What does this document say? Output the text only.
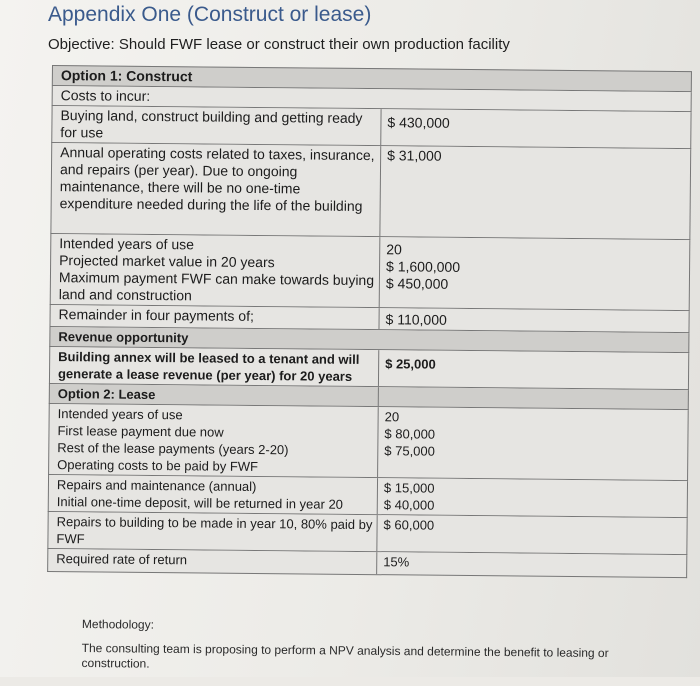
Appendix One (Construct or lease)
Objective: Should FWF lease or construct their own production facility
Option 1: Construct
Costs to incur:
Buying land, construct building and getting ready for use
$ 430,000
Annual operating costs related to taxes, insurance, and repairs (per year). Due to ongoing maintenance, there will be no one-time expenditure needed during the life of the building
$ 31,000
Intended years of use
Projected market value in 20 years
Maximum payment FWF can make towards buying land and construction
20
$ 1,600,000
$ 450,000
Remainder in four payments of;	$ 110,000
Revenue opportunity
Building annex will be leased to a tenant and will generate a lease revenue (per year) for 20 years
$ 25,000
Option 2: Lease
Intended years of use
First lease payment due now
Rest of the lease payments (years 2-20)
Operating costs to be paid by FWF
20
$ 80,000
$ 75,000
Repairs and maintenance (annual)
Initial one-time deposit, will be returned in year 20
$ 15,000
$ 40,000
Repairs to building to be made in year 10, 80% paid by FWF
$ 60,000
Required rate of return	15%
Methodology:
The consulting team is proposing to perform a NPV analysis and determine the benefit to leasing or construction.
